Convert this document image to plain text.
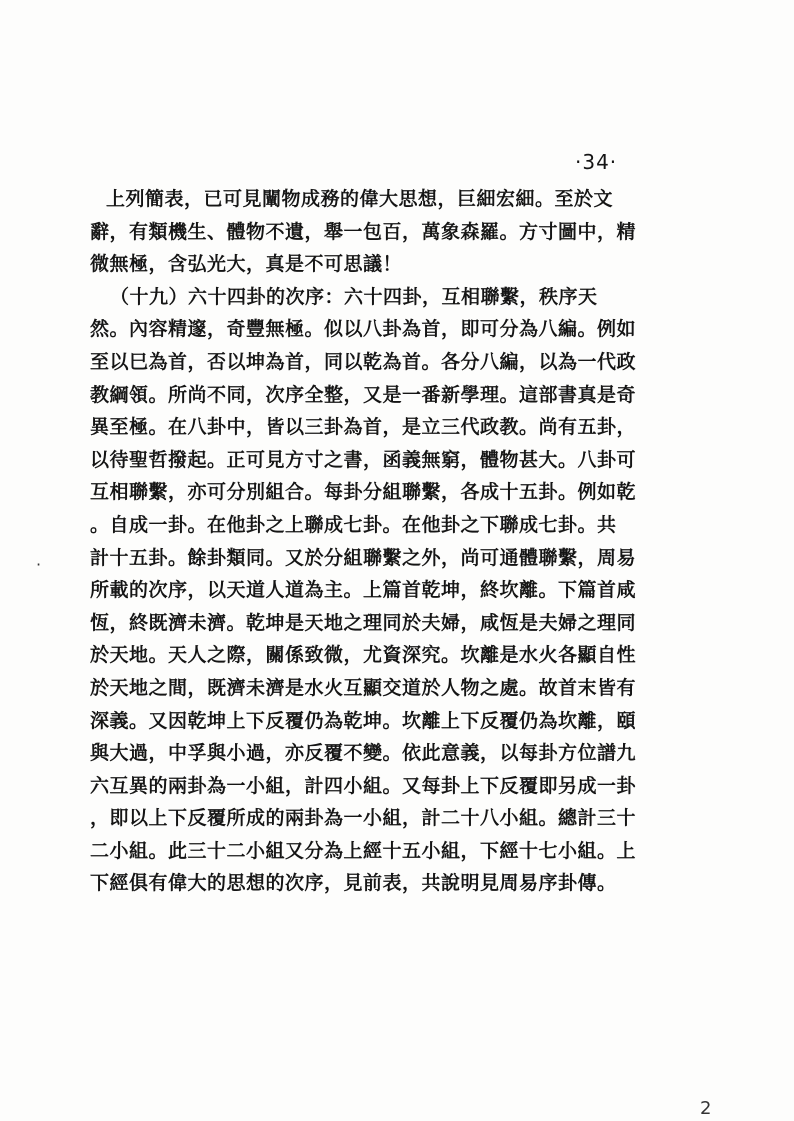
·34·
上列簡表，已可見闡物成務的偉大思想，巨細宏細。至於文
辭，有類機生、體物不遺，舉一包百，萬象森羅。方寸圖中，精
微無極，含弘光大，真是不可思議！
（十九）六十四卦的次序：六十四卦，互相聯繫，秩序天
然。內容精邃，奇豐無極。似以八卦為首，即可分為八編。例如
至以巳為首，否以坤為首，同以乾為首。各分八編，以為一代政
教綱領。所尚不同，次序全整，又是一番新學理。這部書真是奇
異至極。在八卦中，皆以三卦為首，是立三代政教。尚有五卦，
以待聖哲撥起。正可見方寸之書，函義無窮，體物甚大。八卦可
互相聯繫，亦可分別組合。每卦分組聯繫，各成十五卦。例如乾
。自成一卦。在他卦之上聯成七卦。在他卦之下聯成七卦。共
計十五卦。餘卦類同。又於分組聯繫之外，尚可通體聯繫，周易
所載的次序，以天道人道為主。上篇首乾坤，終坎離。下篇首咸
恆，終既濟未濟。乾坤是天地之理同於夫婦，咸恆是夫婦之理同
於天地。天人之際，關係致微，尤資深究。坎離是水火各顯自性
於天地之間，既濟未濟是水火互顯交道於人物之處。故首末皆有
深義。又因乾坤上下反覆仍為乾坤。坎離上下反覆仍為坎離，頤
與大過，中孚與小過，亦反覆不變。依此意義，以每卦方位譜九
六互異的兩卦為一小組，計四小組。又每卦上下反覆即另成一卦
，即以上下反覆所成的兩卦為一小組，計二十八小組。總計三十
二小組。此三十二小組又分為上經十五小組，下經十七小組。上
下經俱有偉大的思想的次序，見前表，共說明見周易序卦傳。
·
2
